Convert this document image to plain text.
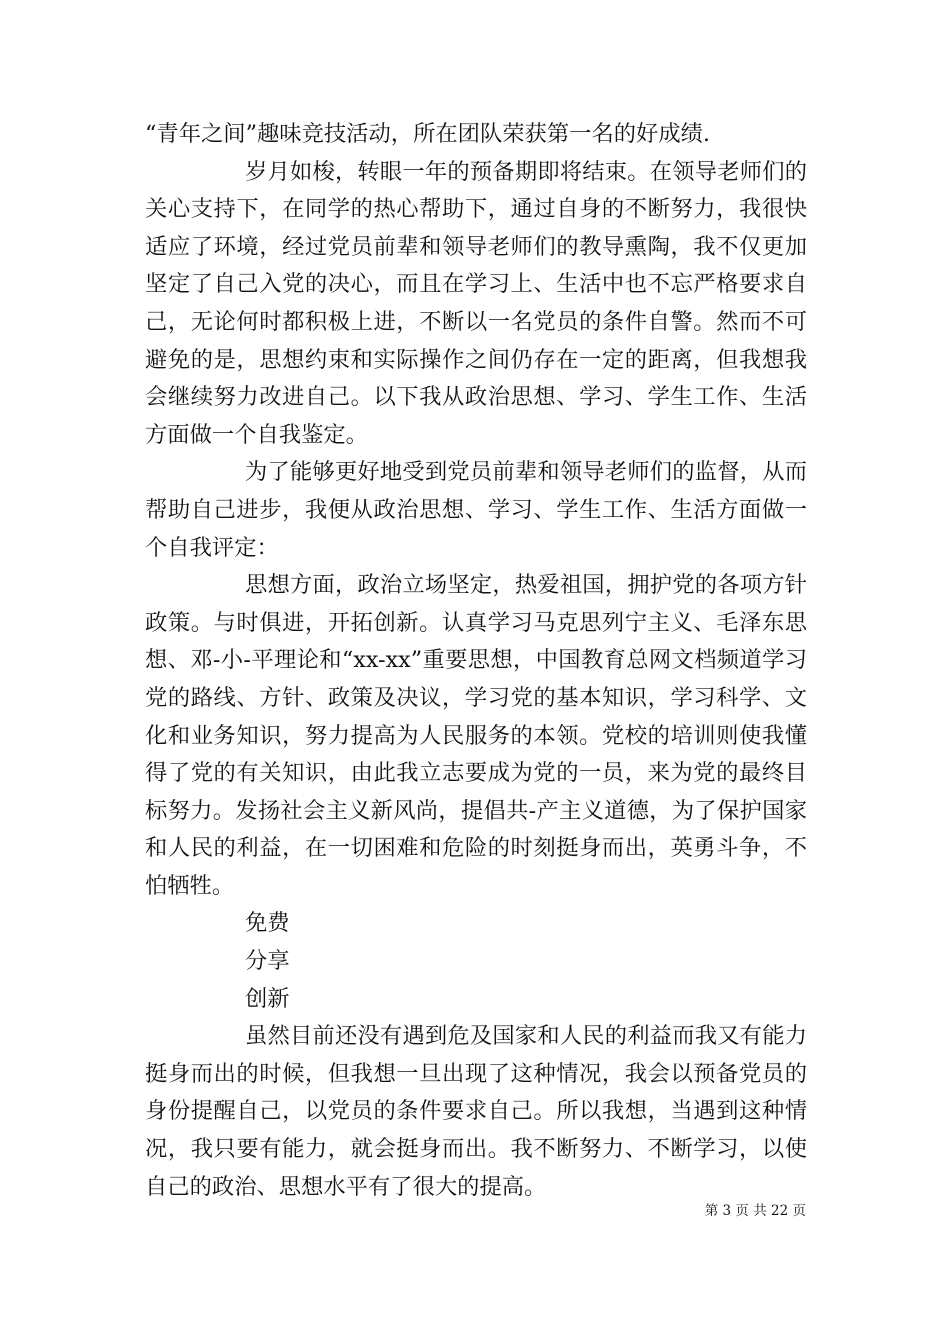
“青年之间”趣味竞技活动，所在团队荣获第一名的好成绩.

岁月如梭，转眼一年的预备期即将结束。在领导老师们的关心支持下，在同学的热心帮助下，通过自身的不断努力，我很快适应了环境，经过党员前辈和领导老师们的教导熏陶，我不仅更加坚定了自己入党的决心，而且在学习上、生活中也不忘严格要求自己，无论何时都积极上进，不断以一名党员的条件自警。然而不可避免的是，思想约束和实际操作之间仍存在一定的距离，但我想我会继续努力改进自己。以下我从政治思想、学习、学生工作、生活方面做一个自我鉴定。

为了能够更好地受到党员前辈和领导老师们的监督，从而帮助自己进步，我便从政治思想、学习、学生工作、生活方面做一个自我评定：

思想方面，政治立场坚定，热爱祖国，拥护党的各项方针政策。与时俱进，开拓创新。认真学习马克思列宁主义、毛泽东思想、邓-小-平理论和“xx-xx”重要思想，中国教育总网文档频道学习党的路线、方针、政策及决议，学习党的基本知识，学习科学、文化和业务知识，努力提高为人民服务的本领。党校的培训则使我懂得了党的有关知识，由此我立志要成为党的一员，来为党的最终目标努力。发扬社会主义新风尚，提倡共-产主义道德，为了保护国家和人民的利益，在一切困难和危险的时刻挺身而出，英勇斗争，不怕牺牲。

免费

分享

创新

虽然目前还没有遇到危及国家和人民的利益而我又有能力挺身而出的时候，但我想一旦出现了这种情况，我会以预备党员的身份提醒自己，以党员的条件要求自己。所以我想，当遇到这种情况，我只要有能力，就会挺身而出。我不断努力、不断学习，以使自己的政治、思想水平有了很大的提高。

第 3 页 共 22 页
